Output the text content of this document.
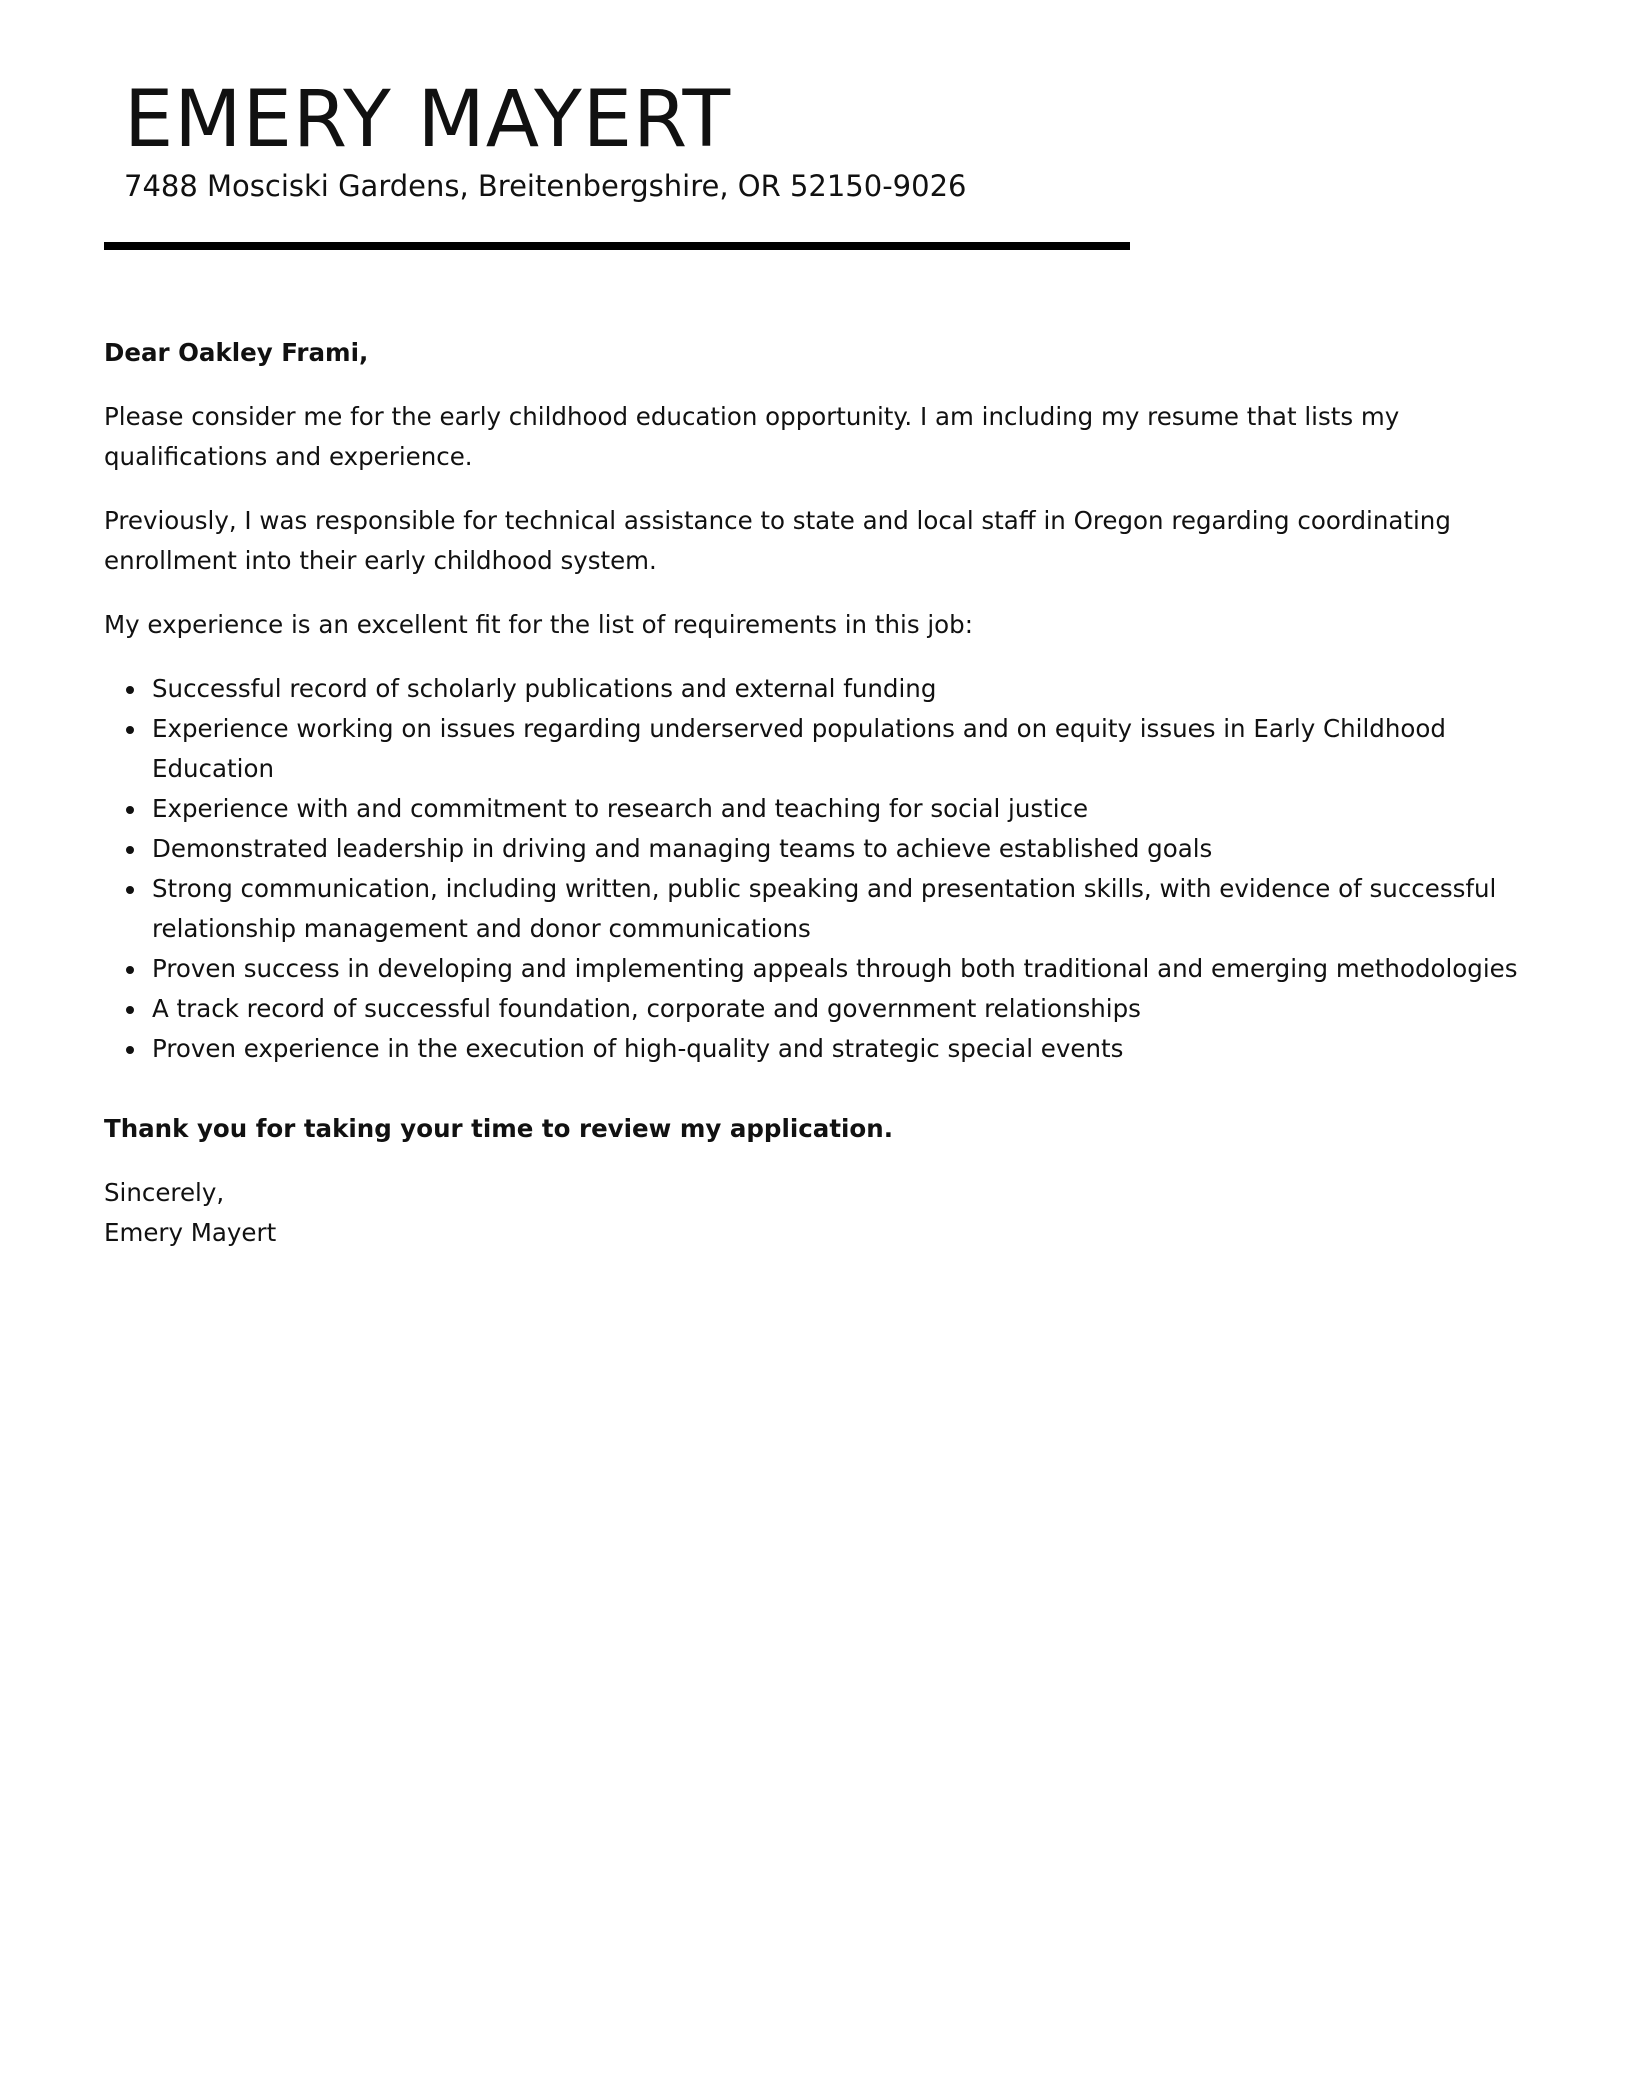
EMERY MAYERT
7488 Mosciski Gardens, Breitenbergshire, OR 52150-9026

Dear Oakley Frami,

Please consider me for the early childhood education opportunity. I am including my resume that lists my qualifications and experience.

Previously, I was responsible for technical assistance to state and local staff in Oregon regarding coordinating enrollment into their early childhood system.

My experience is an excellent fit for the list of requirements in this job:

Successful record of scholarly publications and external funding
Experience working on issues regarding underserved populations and on equity issues in Early Childhood Education
Experience with and commitment to research and teaching for social justice
Demonstrated leadership in driving and managing teams to achieve established goals
Strong communication, including written, public speaking and presentation skills, with evidence of successful relationship management and donor communications
Proven success in developing and implementing appeals through both traditional and emerging methodologies
A track record of successful foundation, corporate and government relationships
Proven experience in the execution of high-quality and strategic special events

Thank you for taking your time to review my application.

Sincerely,

Emery Mayert
